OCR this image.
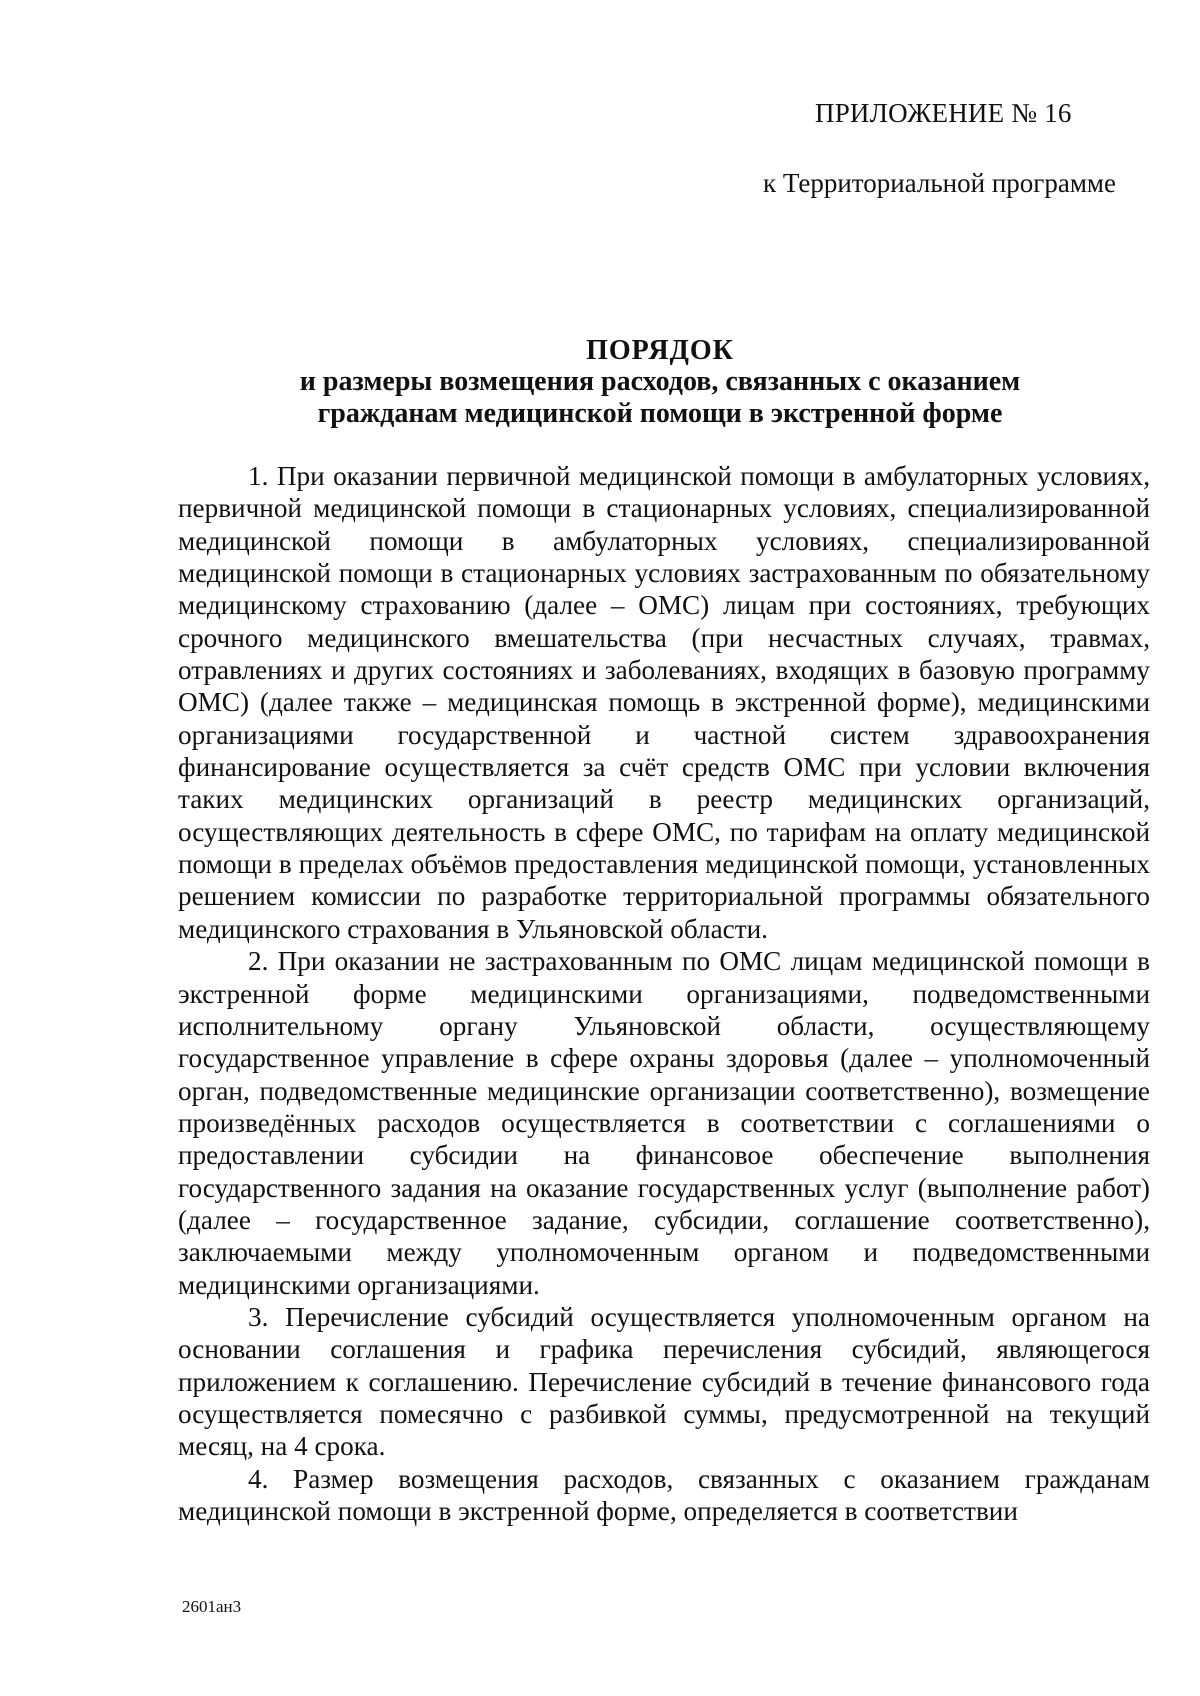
ПРИЛОЖЕНИЕ № 16
к Территориальной программе
ПОРЯДОК
и размеры возмещения расходов, связанных с оказанием
гражданам медицинской помощи в экстренной форме

1. При оказании первичной медицинской помощи в амбулаторных условиях, первичной медицинской помощи в стационарных условиях, специализированной медицинской помощи в амбулаторных условиях, специализированной медицинской помощи в стационарных условиях застрахованным по обязательному медицинскому страхованию (далее – ОМС) лицам при состояниях, требующих срочного медицинского вмешательства (при несчастных случаях, травмах, отравлениях и других состояниях и заболеваниях, входящих в базовую программу ОМС) (далее также – медицинская помощь в экстренной форме), медицинскими организациями государственной и частной систем здравоохранения финансирование осуществляется за счёт средств ОМС при условии включения таких медицинских организаций в реестр медицинских организаций, осуществляющих деятельность в сфере ОМС, по тарифам на оплату медицинской помощи в пределах объёмов предоставления медицинской помощи, установленных решением комиссии по разработке территориальной программы обязательного медицинского страхования в Ульяновской области.

2. При оказании не застрахованным по ОМС лицам медицинской помощи в экстренной форме медицинскими организациями, подведомственными исполнительному органу Ульяновской области, осуществляющему государственное управление в сфере охраны здоровья (далее – уполномоченный орган, подведомственные медицинские организации соответственно), возмещение произведённых расходов осуществляется в соответствии с соглашениями о предоставлении субсидии на финансовое обеспечение выполнения государственного задания на оказание государственных услуг (выполнение работ) (далее – государственное задание, субсидии, соглашение соответственно), заключаемыми между уполномоченным органом и подведомственными медицинскими организациями.

3. Перечисление субсидий осуществляется уполномоченным органом на основании соглашения и графика перечисления субсидий, являющегося приложением к соглашению. Перечисление субсидий в течение финансового года осуществляется помесячно с разбивкой суммы, предусмотренной на текущий месяц, на 4 срока.

4. Размер возмещения расходов, связанных с оказанием гражданам медицинской помощи в экстренной форме, определяется в соответствии

2601ан3
